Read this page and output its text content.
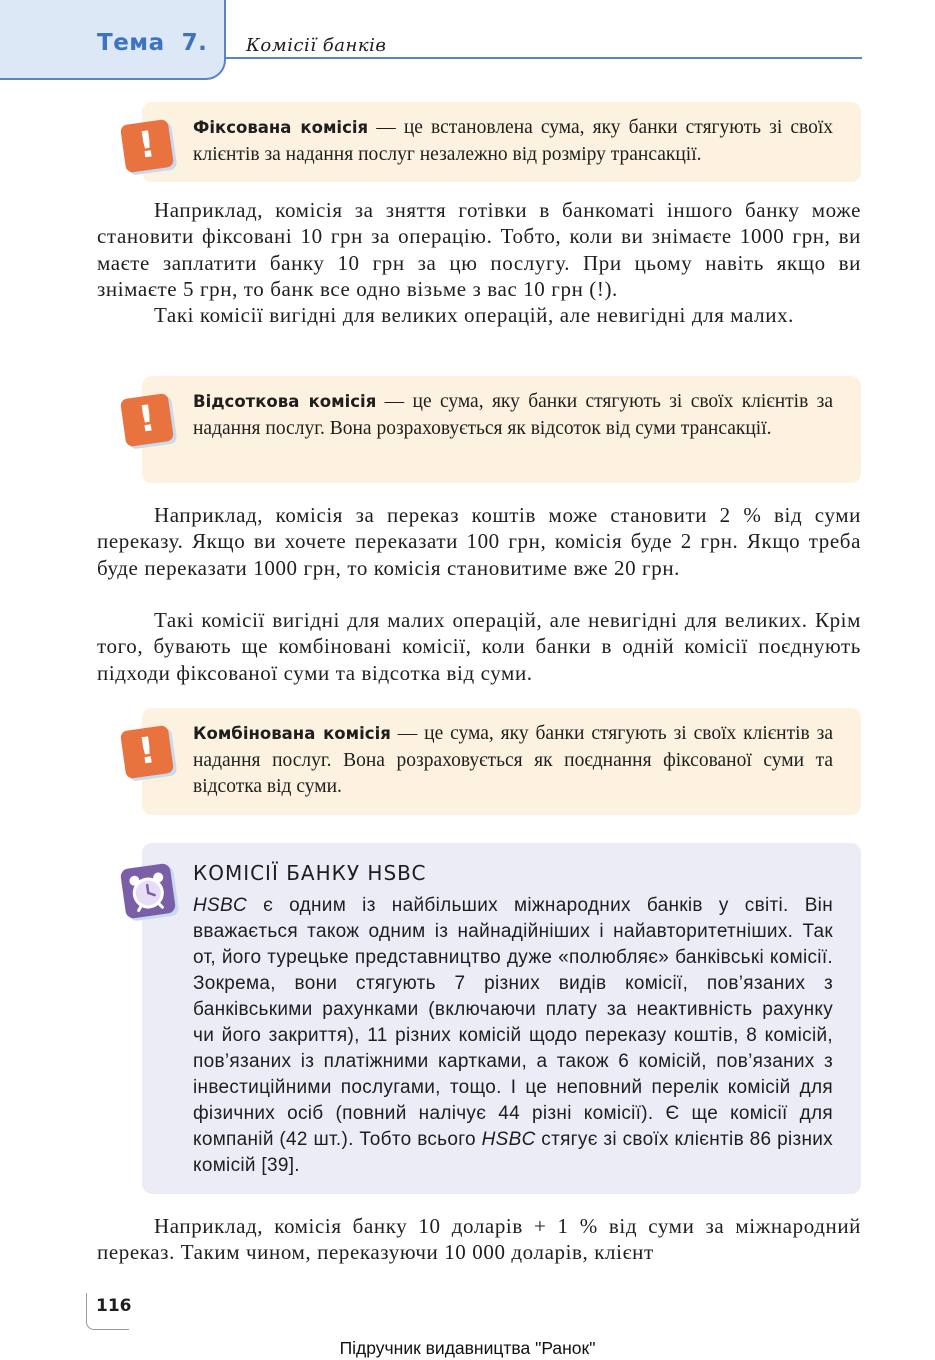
Тема  7. Комісії банків
Фіксована комісія — це встановлена сума, яку банки стягують зі своїх клієнтів за надання послуг незалежно від розміру трансакції.
!
Наприклад, комісія за зняття готівки в банкоматі іншого банку може становити фіксовані 10 грн за операцію. Тобто, коли ви знімаєте 1000 грн, ви маєте заплатити банку 10 грн за цю послугу. При цьому навіть якщо ви знімаєте 5 грн, то банк все одно візьме з вас 10 грн (!).
Такі комісії вигідні для великих операцій, але невигідні для малих.
Відсоткова комісія — це сума, яку банки стягують зі своїх клієнтів за надання послуг. Вона розраховується як відсоток від суми трансакції.
!
Наприклад, комісія за переказ коштів може становити 2 % від суми переказу. Якщо ви хочете переказати 100 грн, комісія буде 2 грн. Якщо треба буде переказати 1000 грн, то комісія становитиме вже 20 грн.
Такі комісії вигідні для малих операцій, але невигідні для великих. Крім того, бувають ще комбіновані комісії, коли банки в одній комісії поєднують підходи фіксованої суми та відсотка від суми.
Комбінована комісія — це сума, яку банки стягують зі своїх клієнтів за надання послуг. Вона розраховується як поєднання фіксованої суми та відсотка від суми.
!
КОМІСІЇ БАНКУ HSBC
HSBC є одним із найбільших міжнародних банків у світі. Він вважається також одним із найнадійніших і найавторитетніших. Так от, його турецьке представництво дуже «полюбляє» банківські комісії. Зокрема, вони стягують 7 різних видів комісії, пов’язаних з банківськими рахунками (включаючи плату за неактивність рахунку чи його закриття), 11 різних комісій щодо переказу коштів, 8 комісій, пов’язаних із платіжними картками, а також 6 комісій, пов’язаних з інвестиційними послугами, тощо. І це неповний перелік комісій для фізичних осіб (повний налічує 44 різні комісії). Є ще комісії для компаній (42 шт.). Тобто всього HSBC стягує зі своїх клієнтів 86 різних комісій [39].
Наприклад, комісія банку 10 доларів + 1 % від суми за міжнародний переказ. Таким чином, переказуючи 10 000 доларів, клієнт
116
Підручник видавництва "Ранок"
